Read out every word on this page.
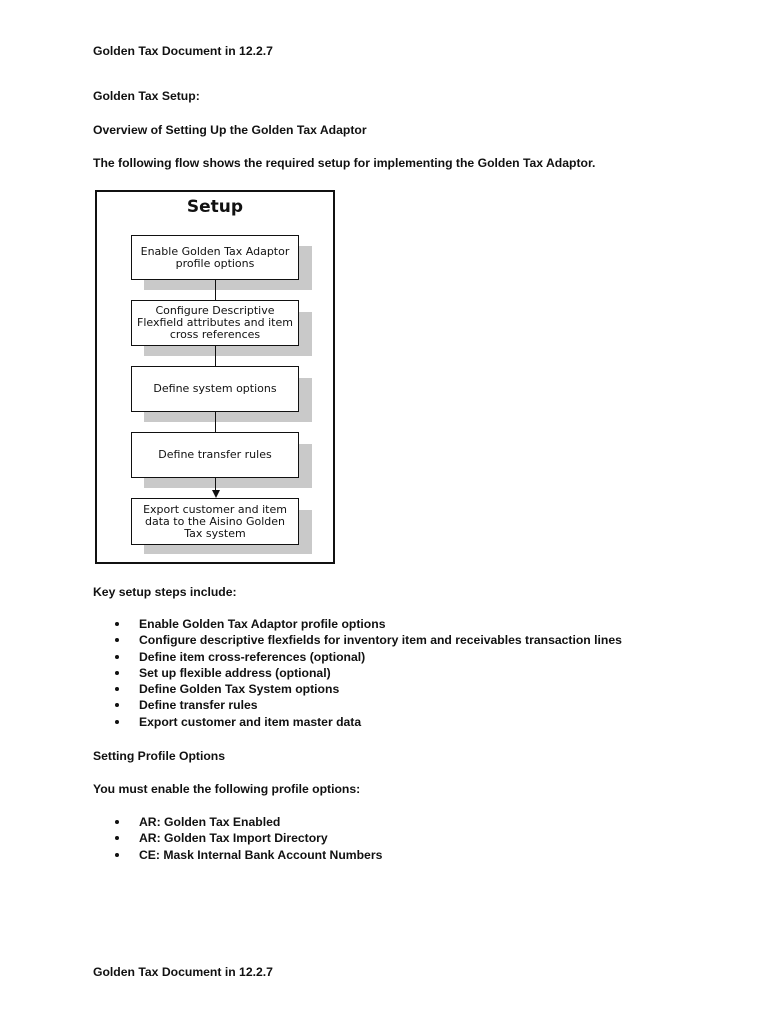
Golden Tax Document in 12.2.7

Golden Tax Setup:

Overview of Setting Up the Golden Tax Adaptor

The following flow shows the required setup for implementing the Golden Tax Adaptor.

Setup
Enable Golden Tax Adaptor
profile options
Configure Descriptive
Flexfield attributes and item
cross references
Define system options
Define transfer rules
Export customer and item
data to the Aisino Golden
Tax system

Key setup steps include:

Enable Golden Tax Adaptor profile options
Configure descriptive flexfields for inventory item and receivables transaction lines
Define item cross-references (optional)
Set up flexible address (optional)
Define Golden Tax System options
Define transfer rules
Export customer and item master data

Setting Profile Options

You must enable the following profile options:

AR: Golden Tax Enabled
AR: Golden Tax Import Directory
CE: Mask Internal Bank Account Numbers

Golden Tax Document in 12.2.7
